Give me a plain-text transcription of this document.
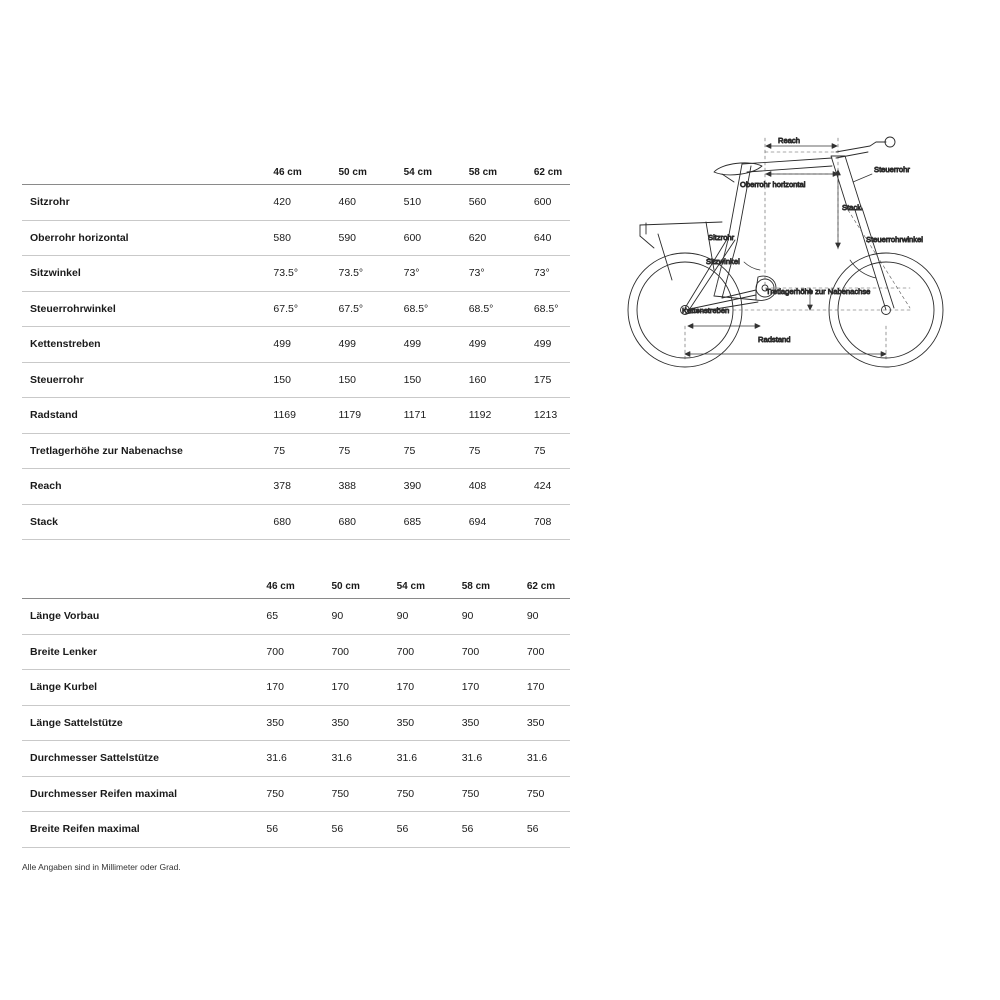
	46 cm	50 cm	54 cm	58 cm	62 cm
Sitzrohr	420	460	510	560	600
Oberrohr horizontal	580	590	600	620	640
Sitzwinkel	73.5°	73.5°	73°	73°	73°
Steuerrohrwinkel	67.5°	67.5°	68.5°	68.5°	68.5°
Kettenstreben	499	499	499	499	499
Steuerrohr	150	150	150	160	175
Radstand	1169	1179	1171	1192	1213
Tretlagerhöhe zur Nabenachse	75	75	75	75	75
Reach	378	388	390	408	424
Stack	680	680	685	694	708
	46 cm	50 cm	54 cm	58 cm	62 cm
Länge Vorbau	65	90	90	90	90
Breite Lenker	700	700	700	700	700
Länge Kurbel	170	170	170	170	170
Länge Sattelstütze	350	350	350	350	350
Durchmesser Sattelstütze	31.6	31.6	31.6	31.6	31.6
Durchmesser Reifen maximal	750	750	750	750	750
Breite Reifen maximal	56	56	56	56	56
Alle Angaben sind in Millimeter oder Grad.
Reach
Oberrohr horizontal
Steuerrohr
Stack
Steuerrohrwinkel
Sitzrohr
Sitzwinkel
Tretlagerhöhe zur Nabenachse
Kettenstreben
Radstand
